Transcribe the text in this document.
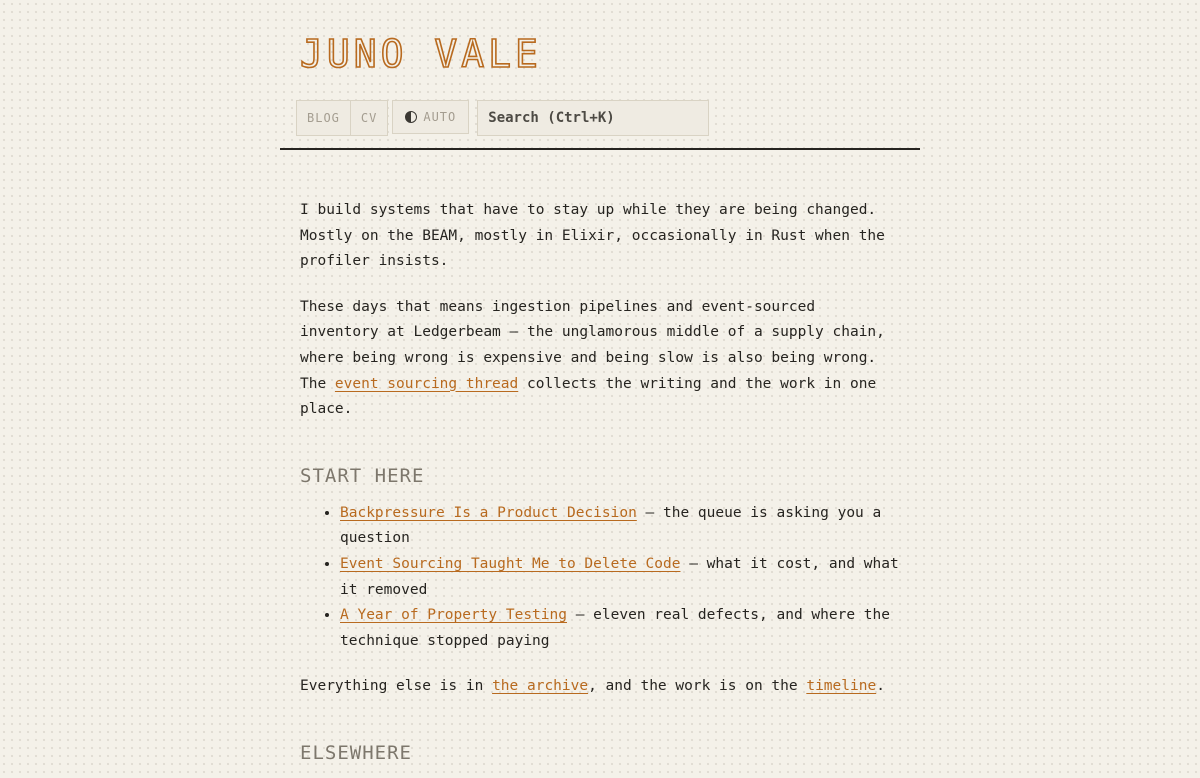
JUNO VALE
BLOG	CV	AUTO
Search (Ctrl+K)

I build systems that have to stay up while they are being changed. Mostly on the BEAM, mostly in Elixir, occasionally in Rust when the profiler insists.

These days that means ingestion pipelines and event-sourced inventory at Ledgerbeam — the unglamorous middle of a supply chain, where being wrong is expensive and being slow is also being wrong. The event sourcing thread collects the writing and the work in one place.

START HERE
• Backpressure Is a Product Decision — the queue is asking you a question
• Event Sourcing Taught Me to Delete Code — what it cost, and what it removed
• A Year of Property Testing — eleven real defects, and where the technique stopped paying

Everything else is in the archive, and the work is on the timeline.

ELSEWHERE
